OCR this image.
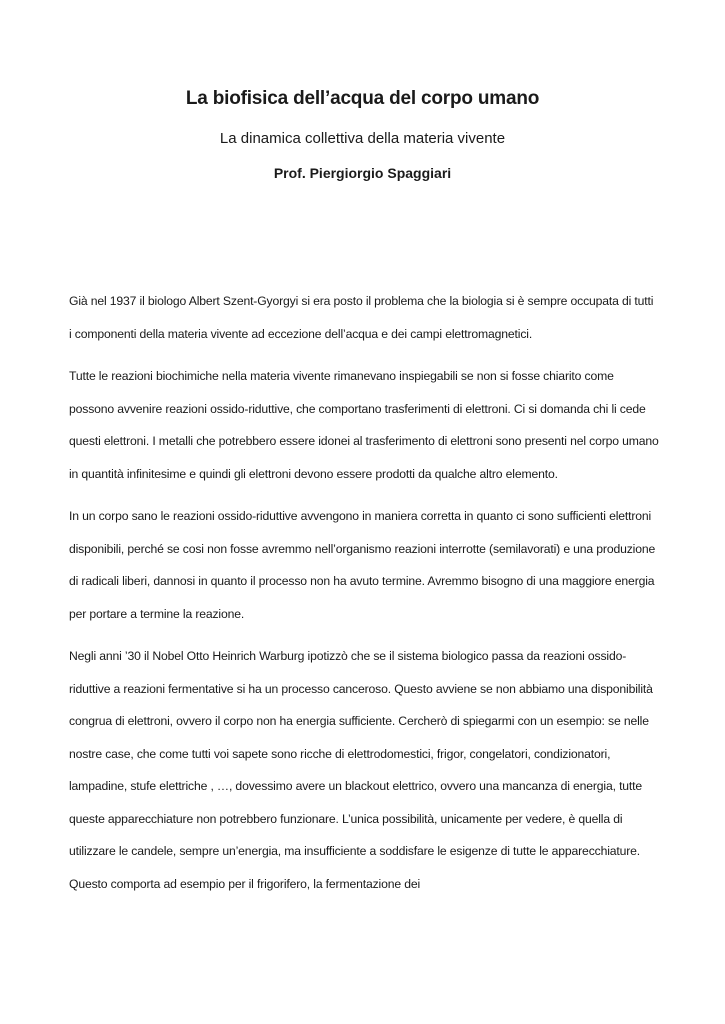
La biofisica dell’acqua del corpo umano

La dinamica collettiva della materia vivente

Prof. Piergiorgio Spaggiari

Già nel 1937 il biologo Albert Szent-Gyorgyi si era posto il problema che la biologia si è sempre occupata di tutti i componenti della materia vivente ad eccezione dell’acqua e dei campi elettromagnetici.

Tutte le reazioni biochimiche nella materia vivente rimanevano inspiegabili se non si fosse chiarito come possono avvenire reazioni ossido-riduttive, che comportano trasferimenti di elettroni. Ci si domanda chi li cede questi elettroni. I metalli che potrebbero essere idonei al trasferimento di elettroni sono presenti nel corpo umano in quantità infinitesime e quindi gli elettroni devono essere prodotti da qualche altro elemento.

In un corpo sano le reazioni ossido-riduttive avvengono in maniera corretta in quanto ci sono sufficienti elettroni disponibili, perché se cosi non fosse avremmo nell’organismo reazioni interrotte (semilavorati) e una produzione di radicali liberi, dannosi in quanto il processo non ha avuto termine. Avremmo bisogno di una maggiore energia per portare a termine la reazione.

Negli anni ’30 il Nobel Otto Heinrich Warburg ipotizzò che se il sistema biologico passa da reazioni ossido-riduttive a reazioni fermentative si ha un processo canceroso. Questo avviene se non abbiamo una disponibilità congrua di elettroni, ovvero il corpo non ha energia sufficiente. Cercherò di spiegarmi con un esempio: se nelle nostre case, che come tutti voi sapete sono ricche di elettrodomestici, frigor, congelatori, condizionatori, lampadine, stufe elettriche , …, dovessimo avere un blackout elettrico, ovvero una mancanza di energia, tutte queste apparecchiature non potrebbero funzionare. L’unica possibilità, unicamente per vedere, è quella di utilizzare le candele, sempre un’energia, ma insufficiente a soddisfare le esigenze di tutte le apparecchiature. Questo comporta ad esempio per il frigorifero, la fermentazione dei
